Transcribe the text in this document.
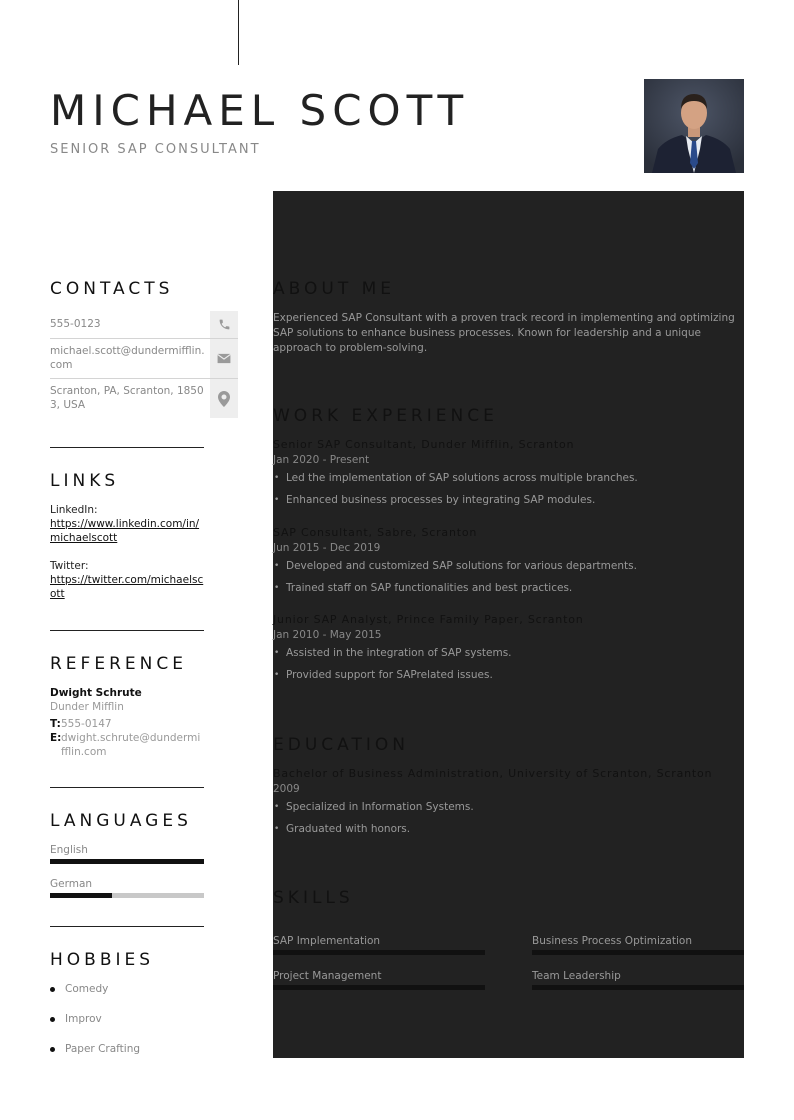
MICHAEL SCOTT
SENIOR SAP CONSULTANT
CONTACTS
555-0123
michael.scott@dundermifflin.com
Scranton, PA, Scranton, 18503, USA
LINKS
LinkedIn:
https://www.linkedin.com/in/michaelscott
Twitter:
https://twitter.com/michaelscott
REFERENCE
Dwight Schrute
Dunder Mifflin
T: 555-0147
E: dwight.schrute@dundermifflin.com
LANGUAGES
English
German
HOBBIES
Comedy
Improv
Paper Crafting
ABOUT ME

Experienced SAP Consultant with a proven track record in implementing and optimizing SAP solutions to enhance business processes. Known for leadership and a unique approach to problem-solving.

WORK EXPERIENCE
Senior SAP Consultant, Dunder Mifflin, Scranton
Jan 2020 - Present
• Led the implementation of SAP solutions across multiple branches.
• Enhanced business processes by integrating SAP modules.
SAP Consultant, Sabre, Scranton
Jun 2015 - Dec 2019
• Developed and customized SAP solutions for various departments.
• Trained staff on SAP functionalities and best practices.
Junior SAP Analyst, Prince Family Paper, Scranton
Jan 2010 - May 2015
• Assisted in the integration of SAP systems.
• Provided support for SAPrelated issues.
EDUCATION
Bachelor of Business Administration, University of Scranton, Scranton
2009
• Specialized in Information Systems.
• Graduated with honors.
SKILLS
SAP Implementation	Business Process Optimization
Project Management	Team Leadership
